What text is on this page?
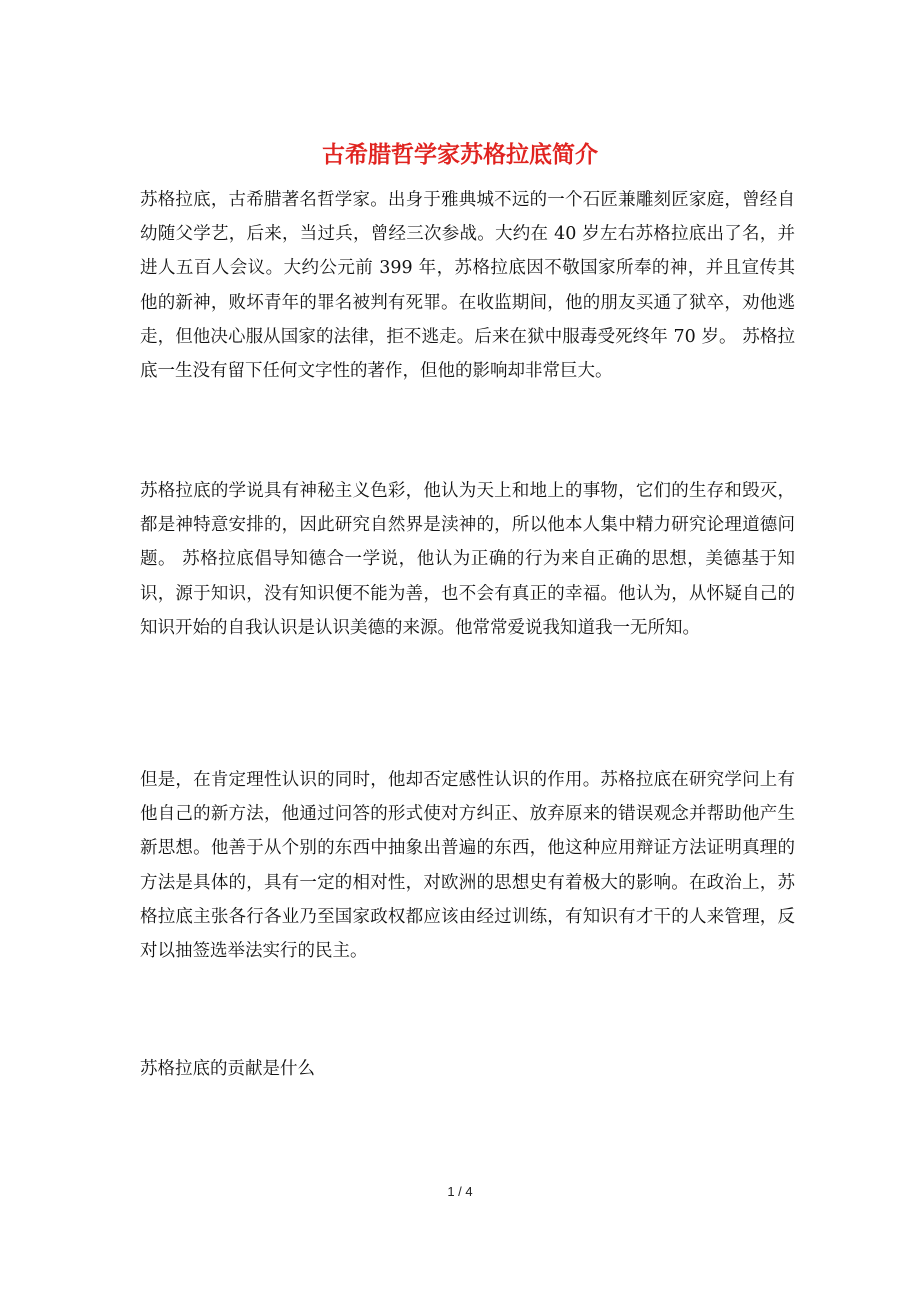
古希腊哲学家苏格拉底简介

苏格拉底，古希腊著名哲学家。出身于雅典城不远的一个石匠兼雕刻匠家庭，曾经自幼随父学艺，后来，当过兵，曾经三次参战。大约在 40 岁左右苏格拉底出了名，并进人五百人会议。大约公元前 399 年，苏格拉底因不敬国家所奉的神，并且宣传其他的新神，败坏青年的罪名被判有死罪。在收监期间，他的朋友买通了狱卒，劝他逃走，但他决心服从国家的法律，拒不逃走。后来在狱中服毒受死终年 70 岁。 苏格拉底一生没有留下任何文字性的著作，但他的影响却非常巨大。

苏格拉底的学说具有神秘主义色彩，他认为天上和地上的事物，它们的生存和毁灭，都是神特意安排的，因此研究自然界是渎神的，所以他本人集中精力研究论理道德问题。 苏格拉底倡导知德合一学说，他认为正确的行为来自正确的思想，美德基于知识，源于知识，没有知识便不能为善，也不会有真正的幸福。他认为，从怀疑自己的知识开始的自我认识是认识美德的来源。他常常爱说我知道我一无所知。

但是，在肯定理性认识的同时，他却否定感性认识的作用。苏格拉底在研究学问上有他自己的新方法，他通过问答的形式使对方纠正、放弃原来的错误观念并帮助他产生新思想。他善于从个别的东西中抽象出普遍的东西，他这种应用辩证方法证明真理的方法是具体的，具有一定的相对性，对欧洲的思想史有着极大的影响。在政治上，苏格拉底主张各行各业乃至国家政权都应该由经过训练，有知识有才干的人来管理，反对以抽签选举法实行的民主。

苏格拉底的贡献是什么

1 / 4
